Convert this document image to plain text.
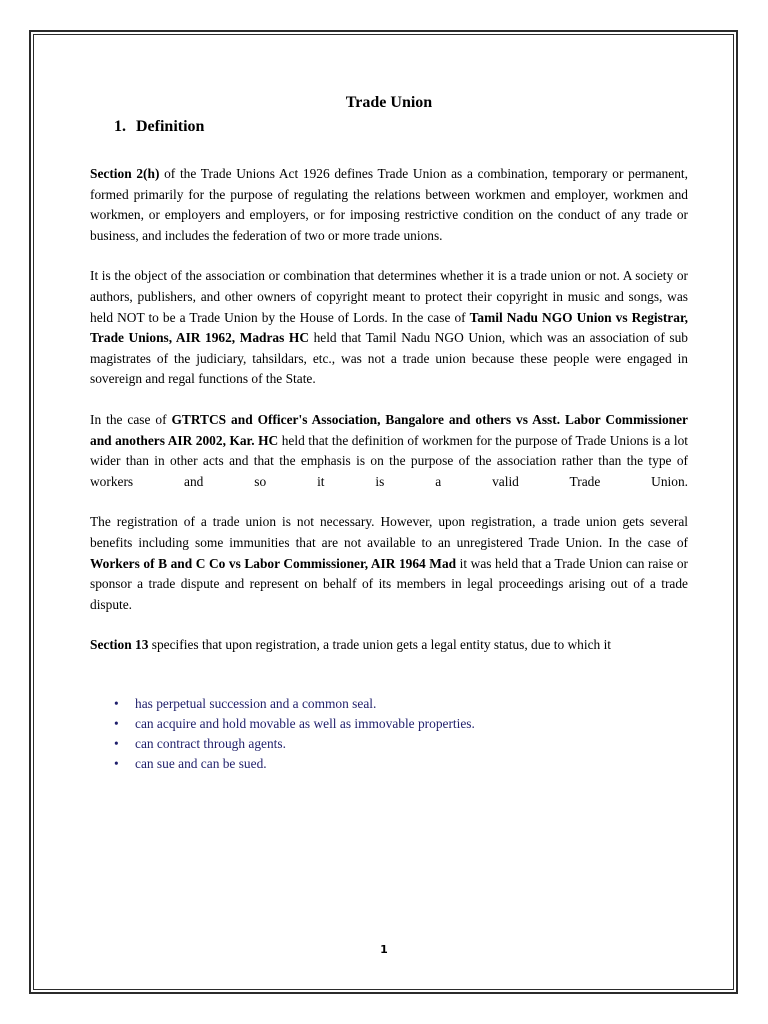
Trade Union
1. Definition

Section 2(h) of the Trade Unions Act 1926 defines Trade Union as a combination, temporary or permanent, formed primarily for the purpose of regulating the relations between workmen and employer, workmen and workmen, or employers and employers, or for imposing restrictive condition on the conduct of any trade or business, and includes the federation of two or more trade unions.

It is the object of the association or combination that determines whether it is a trade union or not. A society or authors, publishers, and other owners of copyright meant to protect their copyright in music and songs, was held NOT to be a Trade Union by the House of Lords. In the case of Tamil Nadu NGO Union vs Registrar, Trade Unions, AIR 1962, Madras HC held that Tamil Nadu NGO Union, which was an association of sub magistrates of the judiciary, tahsildars, etc., was not a trade union because these people were engaged in sovereign and regal functions of the State.

In the case of GTRTCS and Officer's Association, Bangalore and others vs Asst. Labor Commissioner and anothers AIR 2002, Kar. HC held that the definition of workmen for the purpose of Trade Unions is a lot wider than in other acts and that the emphasis is on the purpose of the association rather than the type of workers and so it is a valid Trade Union.

The registration of a trade union is not necessary. However, upon registration, a trade union gets several benefits including some immunities that are not available to an unregistered Trade Union. In the case of Workers of B and C Co vs Labor Commissioner, AIR 1964 Mad it was held that a Trade Union can raise or sponsor a trade dispute and represent on behalf of its members in legal proceedings arising out of a trade dispute.

Section 13 specifies that upon registration, a trade union gets a legal entity status, due to which it

• has perpetual succession and a common seal.
• can acquire and hold movable as well as immovable properties.
• can contract through agents.
• can sue and can be sued.
1
